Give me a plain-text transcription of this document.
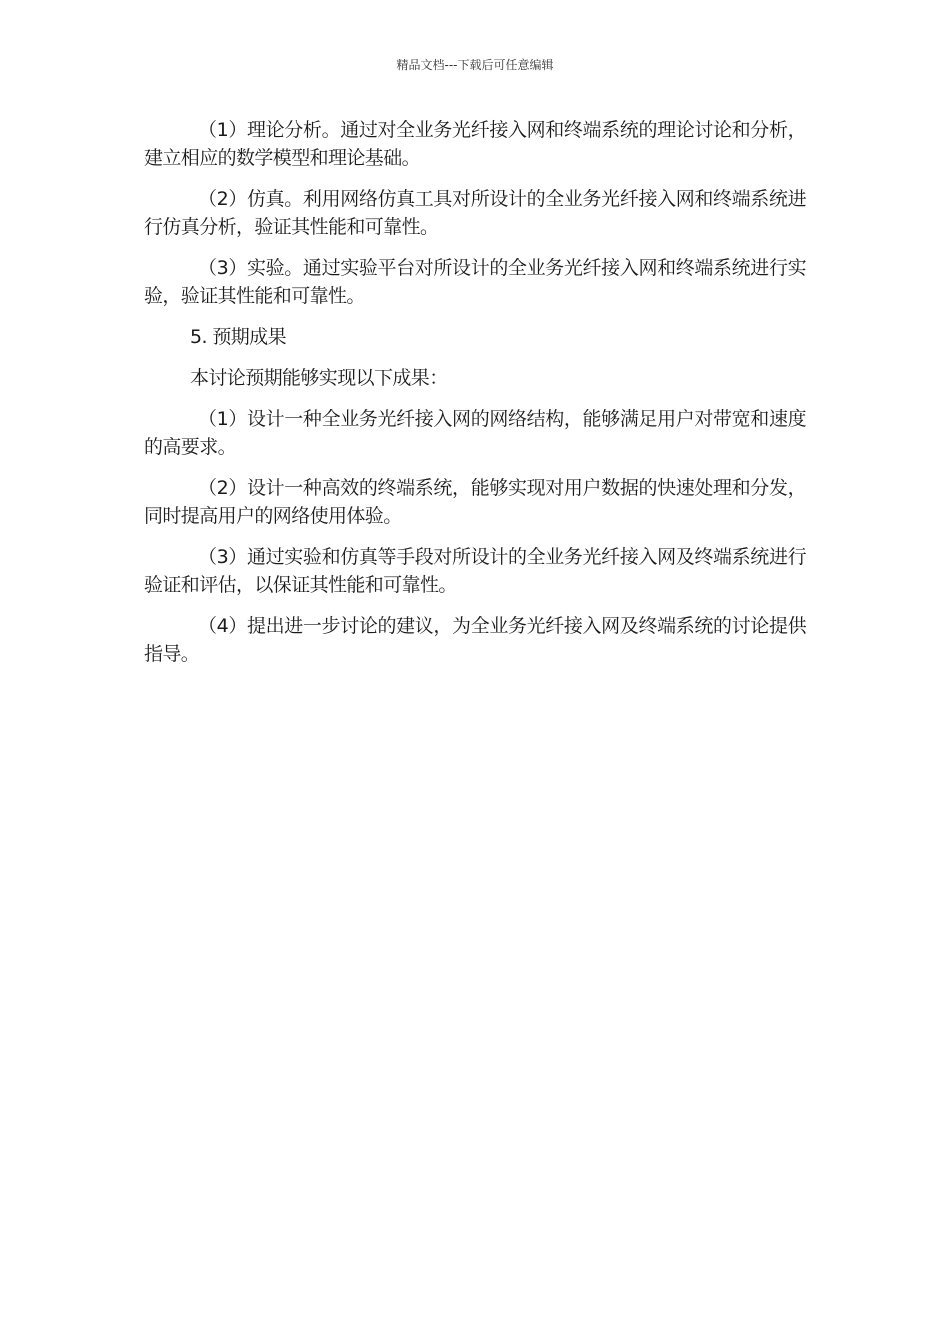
精品文档---下载后可任意编辑

（1）理论分析。通过对全业务光纤接入网和终端系统的理论讨论和分析，建立相应的数学模型和理论基础。

（2）仿真。利用网络仿真工具对所设计的全业务光纤接入网和终端系统进行仿真分析，验证其性能和可靠性。

（3）实验。通过实验平台对所设计的全业务光纤接入网和终端系统进行实验，验证其性能和可靠性。

5. 预期成果

本讨论预期能够实现以下成果：

（1）设计一种全业务光纤接入网的网络结构，能够满足用户对带宽和速度的高要求。

（2）设计一种高效的终端系统，能够实现对用户数据的快速处理和分发，同时提高用户的网络使用体验。

（3）通过实验和仿真等手段对所设计的全业务光纤接入网及终端系统进行验证和评估，以保证其性能和可靠性。

（4）提出进一步讨论的建议，为全业务光纤接入网及终端系统的讨论提供指导。
